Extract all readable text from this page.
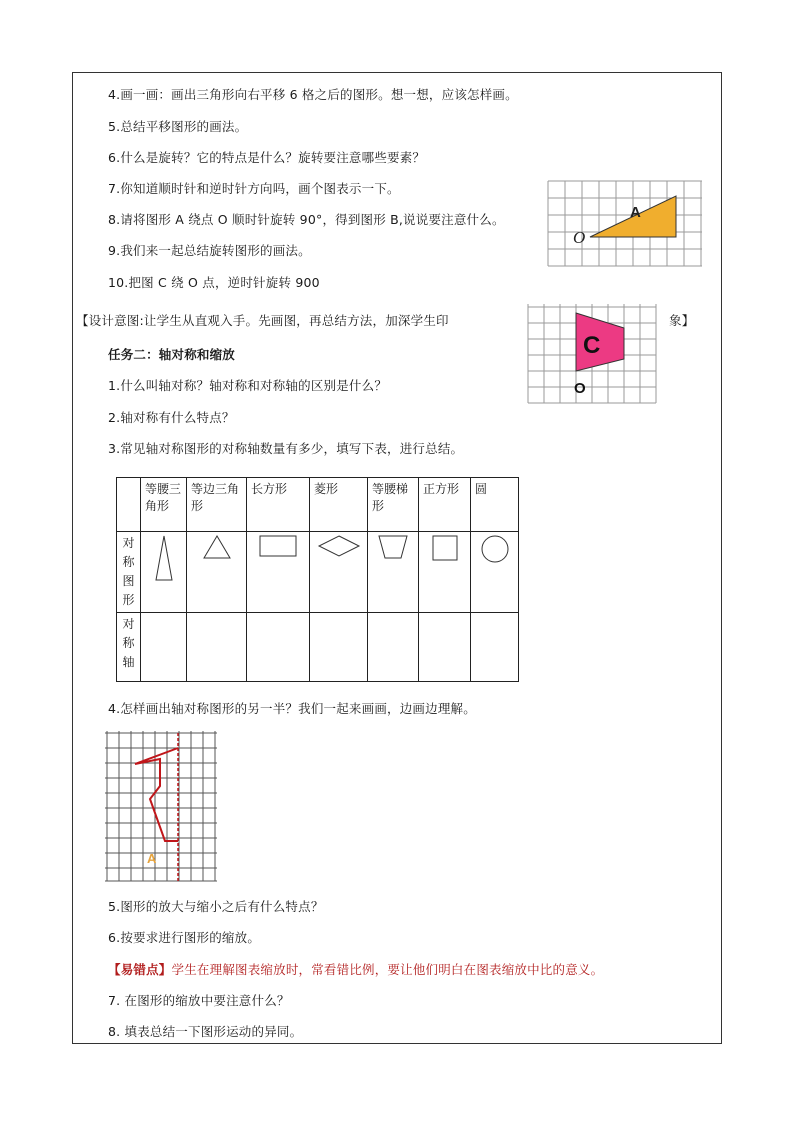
4.画一画：画出三角形向右平移 6 格之后的图形。想一想，应该怎样画。
5.总结平移图形的画法。
6.什么是旋转？它的特点是什么？旋转要注意哪些要素？
7.你知道顺时针和逆时针方向吗，画个图表示一下。
8.请将图形 A 绕点 O 顺时针旋转 90°，得到图形 B,说说要注意什么。
9.我们来一起总结旋转图形的画法。
10.把图 C 绕 O 点，逆时针旋转 900
A
O
【设计意图:让学生从直观入手。先画图，再总结方法，加深学生印	象】
C
O
任务二：轴对称和缩放
1.什么叫轴对称？轴对称和对称轴的区别是什么？
2.轴对称有什么特点？
3.常见轴对称图形的对称轴数量有多少，填写下表，进行总结。
	等腰三角形	等边三角形	长方形	菱形	等腰梯形	正方形	圆
对称图形							
对称轴							
4.怎样画出轴对称图形的另一半？我们一起来画画，边画边理解。
A
5.图形的放大与缩小之后有什么特点？
6.按要求进行图形的缩放。
【易错点】学生在理解图表缩放时，常看错比例，要让他们明白在图表缩放中比的意义。
7. 在图形的缩放中要注意什么？
8. 填表总结一下图形运动的异同。
